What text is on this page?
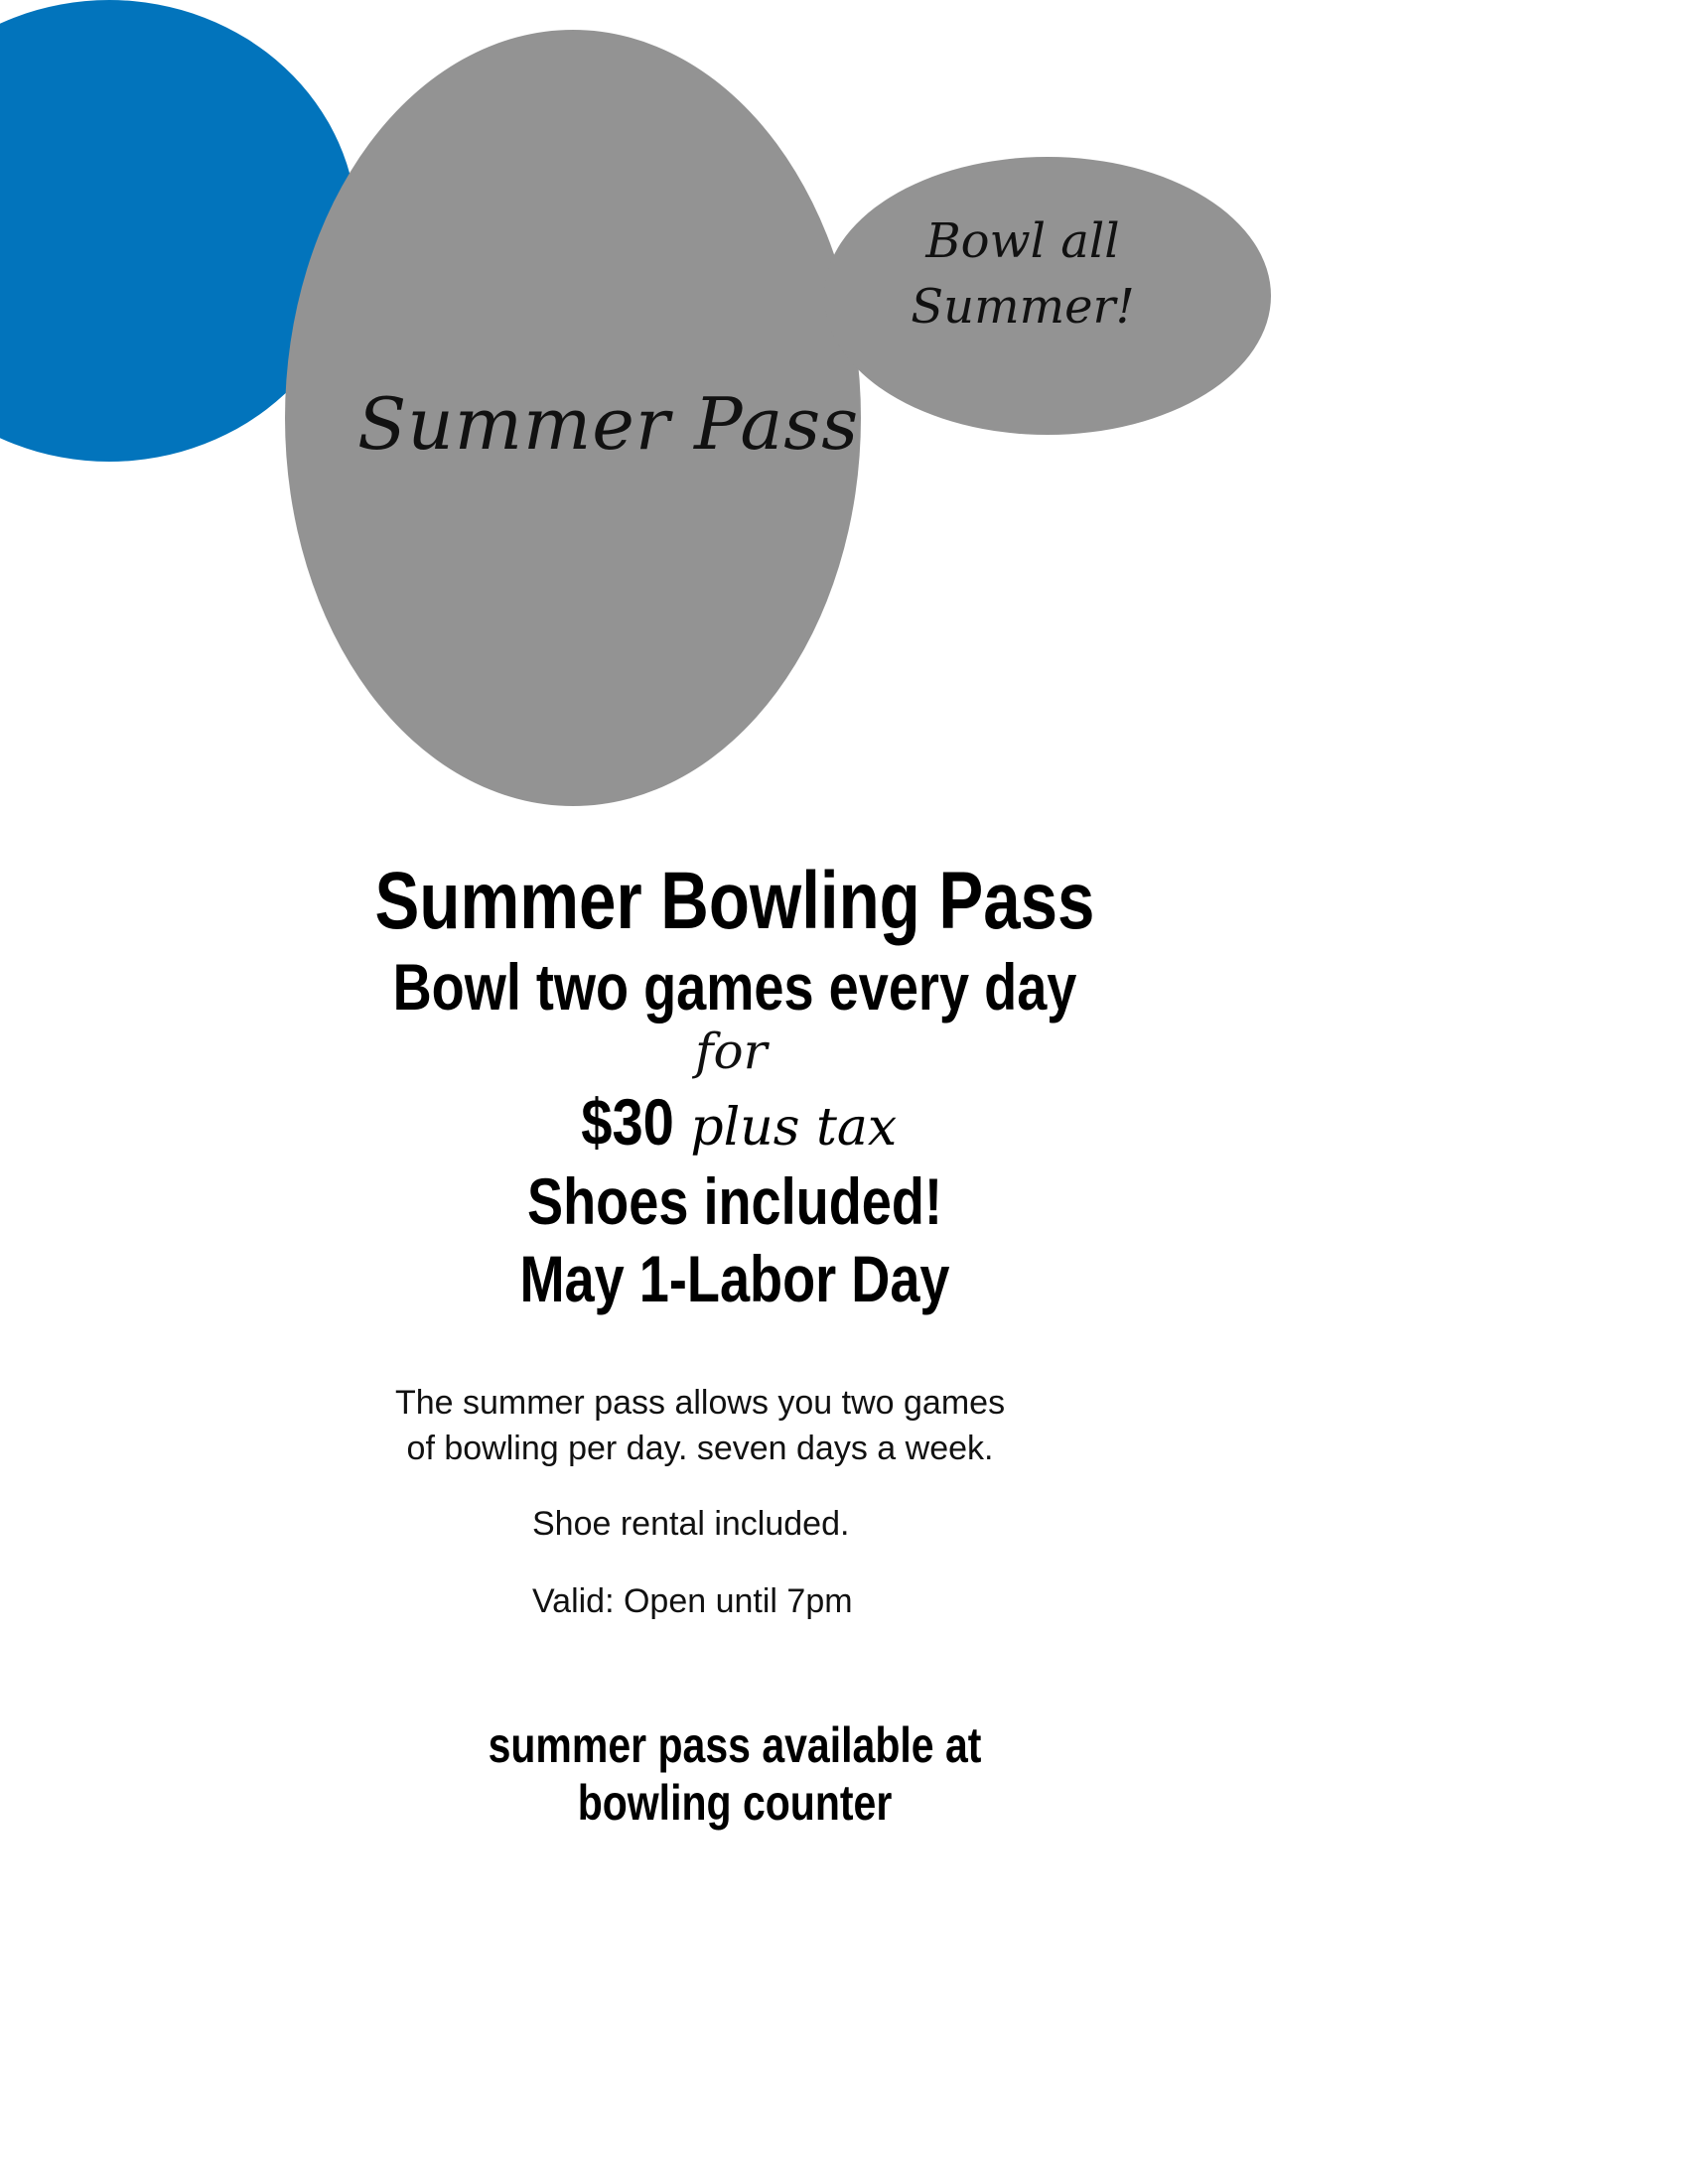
Summer Pass
Bowl all
Summer!
Summer Bowling Pass
Bowl two games every day
for
$30 plus tax
Shoes included!
May 1-Labor Day
The summer pass allows you two games
of bowling per day. seven days a week.
Shoe rental included.
Valid: Open until 7pm
summer pass available at
bowling counter
